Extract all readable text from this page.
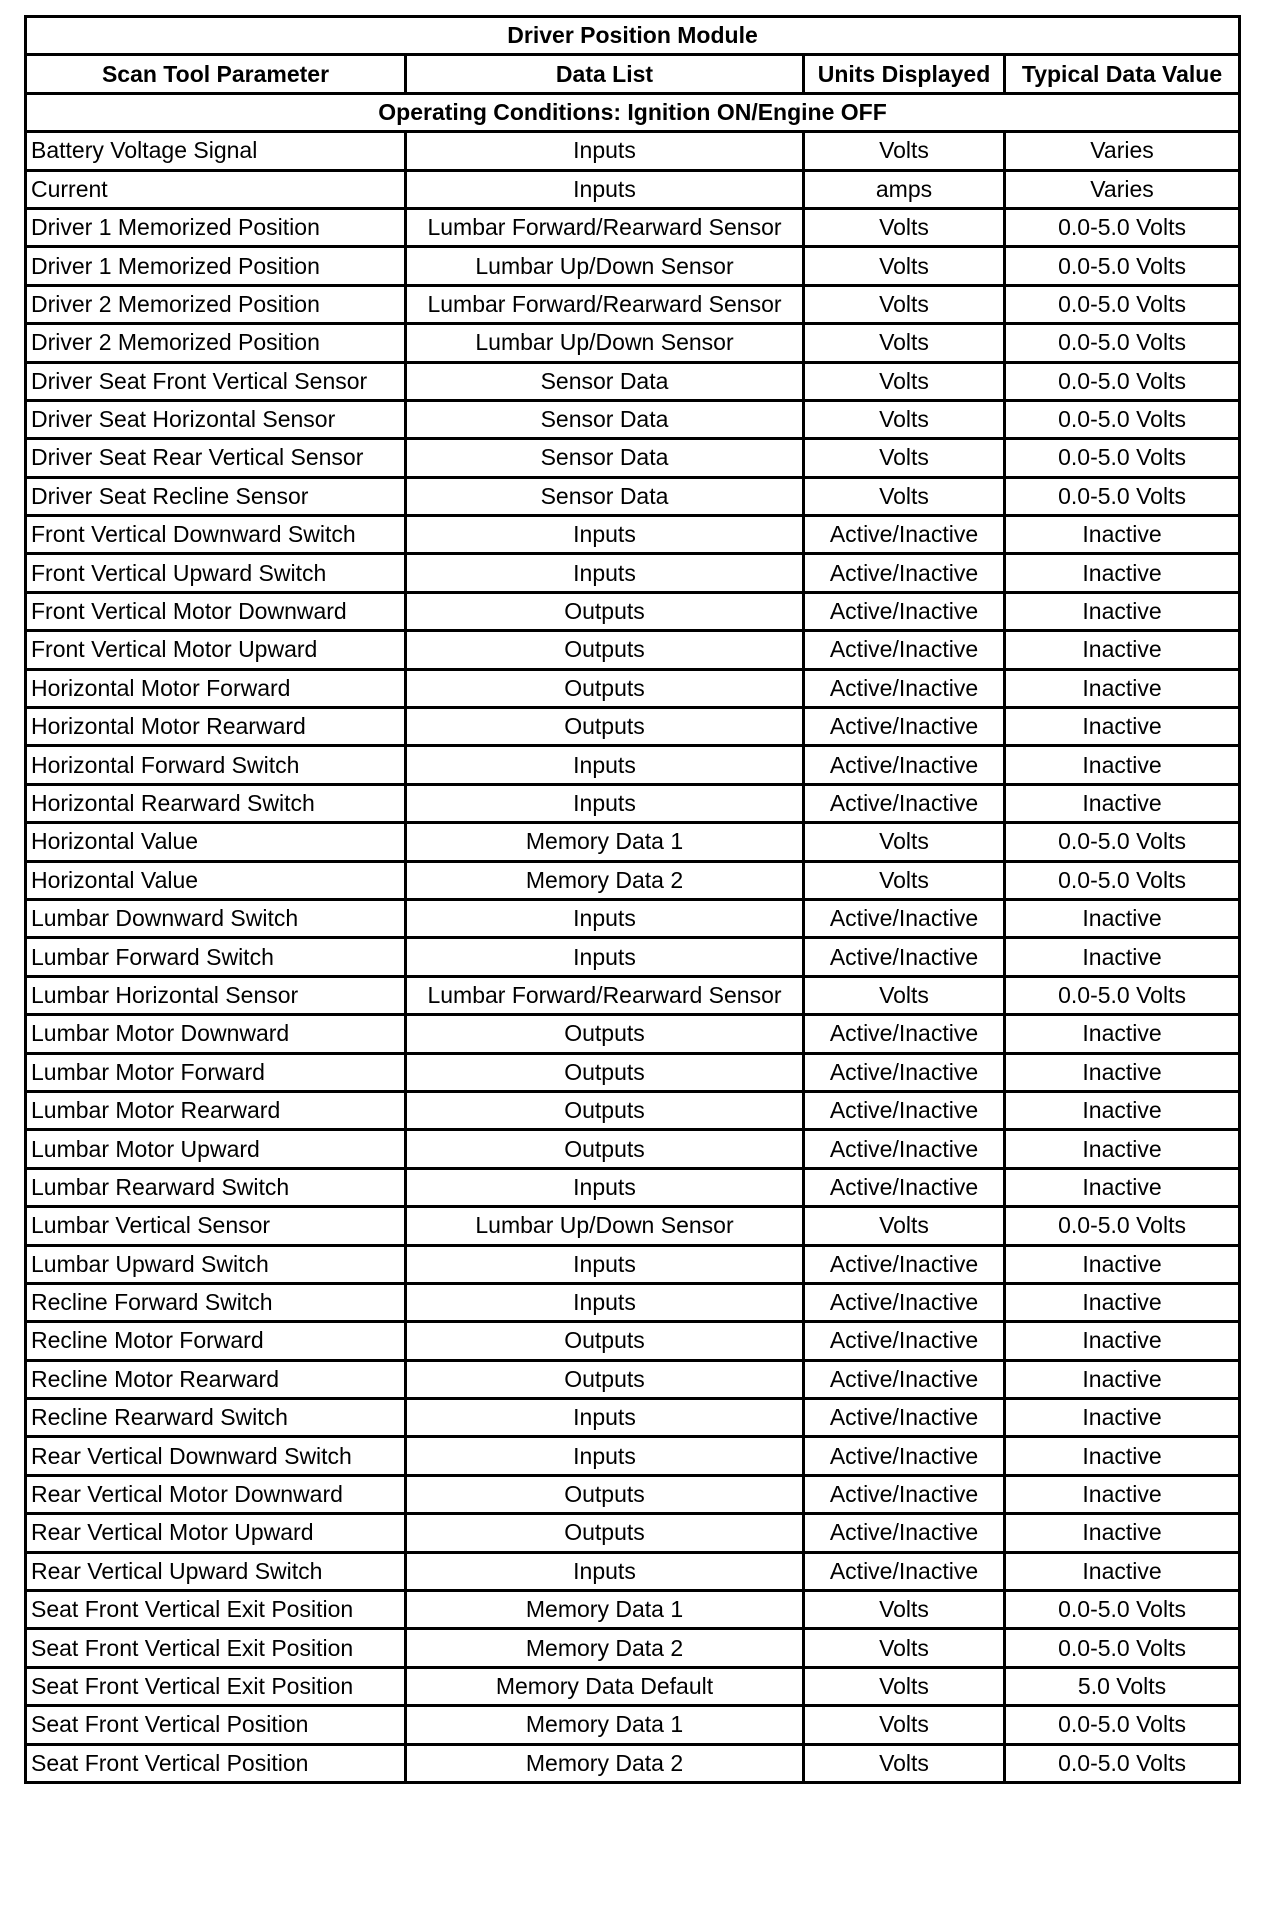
Driver Position Module			
Scan Tool Parameter	Data List	Units Displayed	Typical Data Value
Operating Conditions: Ignition ON/Engine OFF			
Battery Voltage Signal	Inputs	Volts	Varies
Current	Inputs	amps	Varies
Driver 1 Memorized Position	Lumbar Forward/Rearward Sensor	Volts	0.0-5.0 Volts
Driver 1 Memorized Position	Lumbar Up/Down Sensor	Volts	0.0-5.0 Volts
Driver 2 Memorized Position	Lumbar Forward/Rearward Sensor	Volts	0.0-5.0 Volts
Driver 2 Memorized Position	Lumbar Up/Down Sensor	Volts	0.0-5.0 Volts
Driver Seat Front Vertical Sensor	Sensor Data	Volts	0.0-5.0 Volts
Driver Seat Horizontal Sensor	Sensor Data	Volts	0.0-5.0 Volts
Driver Seat Rear Vertical Sensor	Sensor Data	Volts	0.0-5.0 Volts
Driver Seat Recline Sensor	Sensor Data	Volts	0.0-5.0 Volts
Front Vertical Downward Switch	Inputs	Active/Inactive	Inactive
Front Vertical Upward Switch	Inputs	Active/Inactive	Inactive
Front Vertical Motor Downward	Outputs	Active/Inactive	Inactive
Front Vertical Motor Upward	Outputs	Active/Inactive	Inactive
Horizontal Motor Forward	Outputs	Active/Inactive	Inactive
Horizontal Motor Rearward	Outputs	Active/Inactive	Inactive
Horizontal Forward Switch	Inputs	Active/Inactive	Inactive
Horizontal Rearward Switch	Inputs	Active/Inactive	Inactive
Horizontal Value	Memory Data 1	Volts	0.0-5.0 Volts
Horizontal Value	Memory Data 2	Volts	0.0-5.0 Volts
Lumbar Downward Switch	Inputs	Active/Inactive	Inactive
Lumbar Forward Switch	Inputs	Active/Inactive	Inactive
Lumbar Horizontal Sensor	Lumbar Forward/Rearward Sensor	Volts	0.0-5.0 Volts
Lumbar Motor Downward	Outputs	Active/Inactive	Inactive
Lumbar Motor Forward	Outputs	Active/Inactive	Inactive
Lumbar Motor Rearward	Outputs	Active/Inactive	Inactive
Lumbar Motor Upward	Outputs	Active/Inactive	Inactive
Lumbar Rearward Switch	Inputs	Active/Inactive	Inactive
Lumbar Vertical Sensor	Lumbar Up/Down Sensor	Volts	0.0-5.0 Volts
Lumbar Upward Switch	Inputs	Active/Inactive	Inactive
Recline Forward Switch	Inputs	Active/Inactive	Inactive
Recline Motor Forward	Outputs	Active/Inactive	Inactive
Recline Motor Rearward	Outputs	Active/Inactive	Inactive
Recline Rearward Switch	Inputs	Active/Inactive	Inactive
Rear Vertical Downward Switch	Inputs	Active/Inactive	Inactive
Rear Vertical Motor Downward	Outputs	Active/Inactive	Inactive
Rear Vertical Motor Upward	Outputs	Active/Inactive	Inactive
Rear Vertical Upward Switch	Inputs	Active/Inactive	Inactive
Seat Front Vertical Exit Position	Memory Data 1	Volts	0.0-5.0 Volts
Seat Front Vertical Exit Position	Memory Data 2	Volts	0.0-5.0 Volts
Seat Front Vertical Exit Position	Memory Data Default	Volts	5.0 Volts
Seat Front Vertical Position	Memory Data 1	Volts	0.0-5.0 Volts
Seat Front Vertical Position	Memory Data 2	Volts	0.0-5.0 Volts
